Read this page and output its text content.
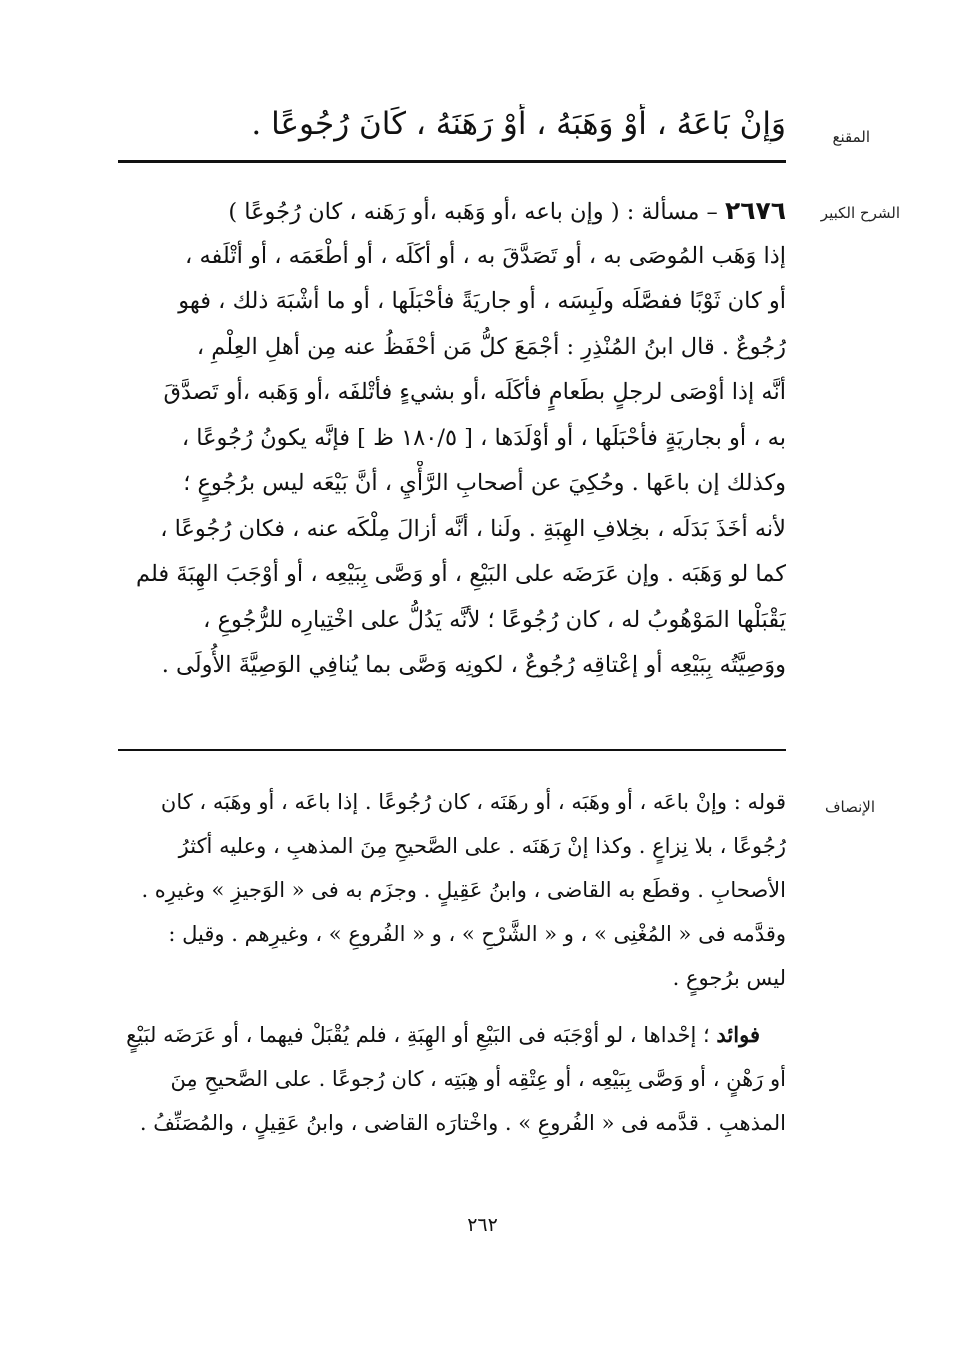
المقنع
وَإِنْ بَاعَهُ ، أَوْ وَهَبَهُ ، أَوْ رَهَنَهُ ، كَانَ رُجُوعًا .
الشرح الكبير
٢٦٧٦ – مسألة : ( وإن باعه ،أو وَهَبه ،أو رَهَنه ، كان رُجُوعًا )
إذا وَهَب المُوصَى به ، أو تَصَدَّقَ به ، أو أكَلَه ، أو أطْعَمَه ، أو أتْلَفه ،
أو كان ثَوْبًا ففصَّلَه ولَبِسَه ، أو جاريَةً فأحْبَلَها ، أو ما أشْبَهَ ذلك ، فهو
رُجُوعٌ . قال ابنُ المُنْذِرِ : أجْمَعَ كلُّ مَن أحْفَظُ عنه مِن أهلِ العِلْمِ ،
أنَّه إذا أوْصَى لرجلٍ بطَعامٍ فأكَلَه ،أو بشيءٍ فأتْلفَه ،أو وَهَبه ،أو تَصدَّقَ
به ، أو بجاريَةٍ فأحْبَلَها ، أو أوْلَدَها ، [ ٥/‏١٨٠ ظ ] فإنَّه يكونُ رُجُوعًا ،
وكذلك إن باعَها . وحُكِيَ عن أصحابِ الرَّأْيِ ، أنَّ بَيْعَه ليس برُجُوعٍ ؛
لأنه أخَذَ بَدَلَه ، بخِلافِ الهِبَةِ . ولَنا ، أنَّه أزالَ مِلْكَه عنه ، فكان رُجُوعًا ،
كما لو وَهَبَه . وإن عَرَضَه على البَيْعِ ، أو وَصَّى بِبَيْعِه ، أو أوْجَبَ الهِبَةَ فلم
يَقْبَلْها المَوْهُوبُ له ، كان رُجُوعًا ؛ لأنَّه يَدُلُّ على اخْتِيارِه للرُّجُوعِ ،
ووَصِيَّتُه بِبَيْعِه أو إعْتاقِه رُجُوعٌ ، لكونِه وَصَّى بما يُنافِي الوَصِيَّةَ الأُولَى .
الإنصاف
قوله : وإنْ باعَه ، أو وهَبَه ، أو رهَنَه ، كان رُجُوعًا . إذا باعَه ، أو وهَبَه ، كان
رُجُوعًا ، بلا نِزاعٍ . وكذا إنْ رَهَنَه . على الصَّحيحِ مِنَ المذهبِ ، وعليه أكثرُ
الأصحابِ . وقطَع به القاضى ، وابنُ عَقِيلٍ . وجزَم به فى « الوَجيزِ » وغيرِه .
وقدَّمه فى « المُغْنِى » ، و « الشَّرْحِ » ، و « الفُروعِ » ، وغيرِهم . وقيل :
ليس برُجوعٍ .
فوائد ؛ إحْداها ، لو أوْجَبَه فى البَيْعِ أو الهِبَةِ ، فلم يُقْبَلْ فيهما ، أو عَرَضَه لبَيْعٍ
أو رَهْنٍ ، أو وَصَّى بِبَيْعِه ، أو عِتْقِه أو هِبَتِه ، كان رُجوعًا . على الصَّحيحِ مِنَ
المذهبِ . قدَّمه فى « الفُروعِ » . واخْتارَه القاضى ، وابنُ عَقِيلٍ ، والمُصَنِّفُ .
٢٦٢
